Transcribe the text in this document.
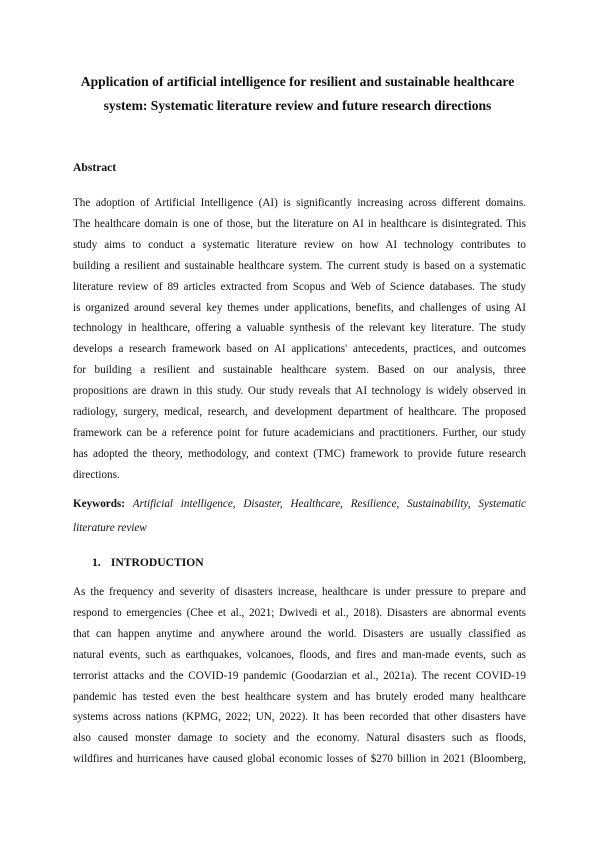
Application of artificial intelligence for resilient and sustainable healthcare
system: Systematic literature review and future research directions
Abstract
The adoption of Artificial Intelligence (AI) is significantly increasing across different domains.
The healthcare domain is one of those, but the literature on AI in healthcare is disintegrated. This
study aims to conduct a systematic literature review on how AI technology contributes to
building a resilient and sustainable healthcare system. The current study is based on a systematic
literature review of 89 articles extracted from Scopus and Web of Science databases. The study
is organized around several key themes under applications, benefits, and challenges of using AI
technology in healthcare, offering a valuable synthesis of the relevant key literature. The study
develops a research framework based on AI applications' antecedents, practices, and outcomes
for building a resilient and sustainable healthcare system. Based on our analysis, three
propositions are drawn in this study. Our study reveals that AI technology is widely observed in
radiology, surgery, medical, research, and development department of healthcare. The proposed
framework can be a reference point for future academicians and practitioners. Further, our study
has adopted the theory, methodology, and context (TMC) framework to provide future research
directions.
Keywords: Artificial intelligence, Disaster, Healthcare, Resilience, Sustainability, Systematic
literature review
1. INTRODUCTION
As the frequency and severity of disasters increase, healthcare is under pressure to prepare and
respond to emergencies (Chee et al., 2021; Dwivedi et al., 2018). Disasters are abnormal events
that can happen anytime and anywhere around the world. Disasters are usually classified as
natural events, such as earthquakes, volcanoes, floods, and fires and man-made events, such as
terrorist attacks and the COVID-19 pandemic (Goodarzian et al., 2021a). The recent COVID-19
pandemic has tested even the best healthcare system and has brutely eroded many healthcare
systems across nations (KPMG, 2022; UN, 2022). It has been recorded that other disasters have
also caused monster damage to society and the economy. Natural disasters such as floods,
wildfires and hurricanes have caused global economic losses of $270 billion in 2021 (Bloomberg,
